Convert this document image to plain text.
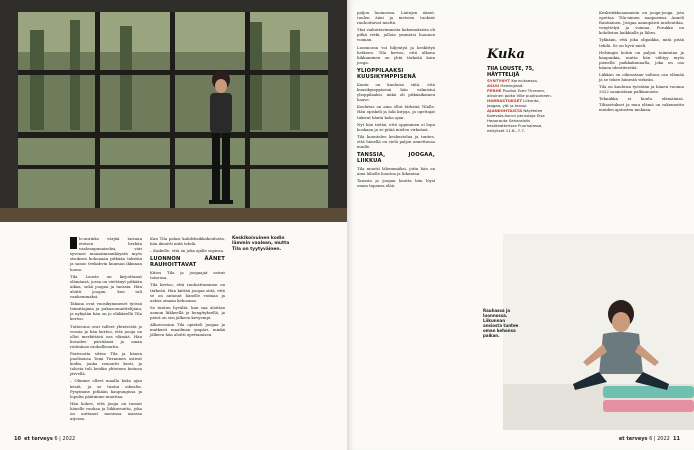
lo-aurinko värjää taivaan eteisen herkän vaaleanpunaiseksi, väri syvenee maasaimaankäyntä myös sisuksen kokonaan pitkään tekstiin ja sanoo teekahvin kuuman ikkunan luona.

Tila Louste on kirjoittanut elämänsä, jossa on viettänyt pitkään aikaa, sekä joogaa ja tanssia. Hän aloitti joogan, kun tuli vanhemmaksi.

Takana ovat vuosikymmenet työssä toimittajana ja pukusuunnittelijana, ja nykyään hän on jo eläkkeellä Tila kertoo.

Tuttavuus ovat tulleet yhteisöstä jo vuosia ja hän kertoo, että jooga on ollut merkittävä osa elämää. Hän kuvailee päiväänsä ja oman rutiininsa rauhallisuutta.

Parivuotta sitten Tila ja hänen puolisonsa Tomi Tirrannen ostivat kodin, jonka remontti kesti, ja talosta tuli heidän yhteinen kotinsa järvellä.

– Olimme olleet maalla koko ajan kesät, ja se tuntui oikealta. Pysyimme pitkään kaupungissa ja lopulta päätimme muuttaa.

Hän kokee, että jooga on tuonut hänelle rauhaa ja liikkuvuutta, joka on auttanut monessa asiassa arjessa.

Kun Tila palasi kahdeksikkokoulusta, hän ilmoitti mitä tehdä.

– Kaikelle, että on joka ajalle sopivaa.

LUONNON ÄÄNET RAUHOITTAVAT

Kiitos Tila ja joogaajat saivat toisensa.

Tila kertoo, että rauhoittuminen on tärkeää. Hän kiittää joogaa siitä, että se on antanut hänelle voimaa ja uskoa omaan kehoonsa.

Se tuntuu hyvältä, kun saa aloittaa aamun liikkeellä ja hengityksellä, ja päivä on sen jälkeen kevyempi.

Alkuvuosina Tila opiskeli joogaa ja matkusti maailman ympäri, minkä jälkeen hän aloitti opettamisen.

Keskikoivuinen kodin lämmin vaalean, mutta Tila on tyytyväinen.
10 et terveys 6 | 2022

paljon luonnossa. Lintujen äänet, tuulen ääni ja metsien tuoksut rauhoittavat mieltä.

Yksi vaikuttavimmista kokemuksista oli pitkä retki, jolloin ymmärsi luonnon voiman.

Luonnossa voi hiljentyä ja keskittyä hetkeen. Tila kertoo, että ulkona liikkuminen on yhtä tärkeää kuin jooga.

YLIOPPILAAKSI KUUSIKYMPPISENÄ

Kanta on kuuluisa siitä, että kuusikymppisenä hän valmistui ylioppilaaksi, mikä oli pitkäaikainen haave.

Koulutus on aina ollut tärkeää Tilalle. Hän opiskeli ja luki kirjoja, ja opettajat tukivat häntä koko ajan.

Nyt hän tietää, että oppiminen ei lopu koskaan ja se pitää mielen virkeänä.

Tila kuuntelee keskustelua ja tuntee, että hänellä on vielä paljon annettavaa muille.

TANSSIA, JOOGAA, LIIKKUA

Tila muutti lähemmäksi, jotta hän on aina lähellä luontoa ja liikuntaa.

Tanssin ja joogan kautta hän löysi oman tapansa elää.

Kuka
TIIA LOUSTE, 75, HÄYTTELIJÄ
SYNTYNYT Kannuksessa.
ASUU Helsingissä.
PERHE Puoliso Tomi Tirranen, aikuinen poika Ville puolisoineen.
HARRASTUKSET Liikunta, joogaa, yöt ja tanssi.
AJANKOHTAISTA Näyttelee Kalevala-korun perustaja Elsa Heporauta Saharalalis kesäteatterissa Puumalassa, esitykset 11.6.–7.7.

Keskiviikkoaamuisin on jooga-jooga, jota opettaa Tila-nimen naapurinsa Anneli Rantiainen. Joogaa aamupäivä mielentilaa, venyttelyä ja voimaa. Porukka on kohdistuu kaikkialle ja lähes.

Tykkään, että joka olipaikka, mitä pitää tehdä. Se on hyvä mieli.

Helsingin kotiin on paljon toimintaa ja kaupunkia, mutta hän viihtyy myös pienellä paikkakunnalla, joka on osa hänen identiteettiä.

Liikkuu on oikeastaan valtava osa elämää ja se tekee hänestä virkeän.

Tila on kuuluisa työstään ja hänen vuonna 2022 saamistaan palkinnoista.

Tekniikka ei kuulu elämäänsä. Tiliasetukset ja muu elämä on rakennettu muiden ajatusten mukaan.

Rauhassa ja luonnossa. Liikunnan ansiosta tuntee oman kehonsa paikan.
et terveys 6 | 2022 11
